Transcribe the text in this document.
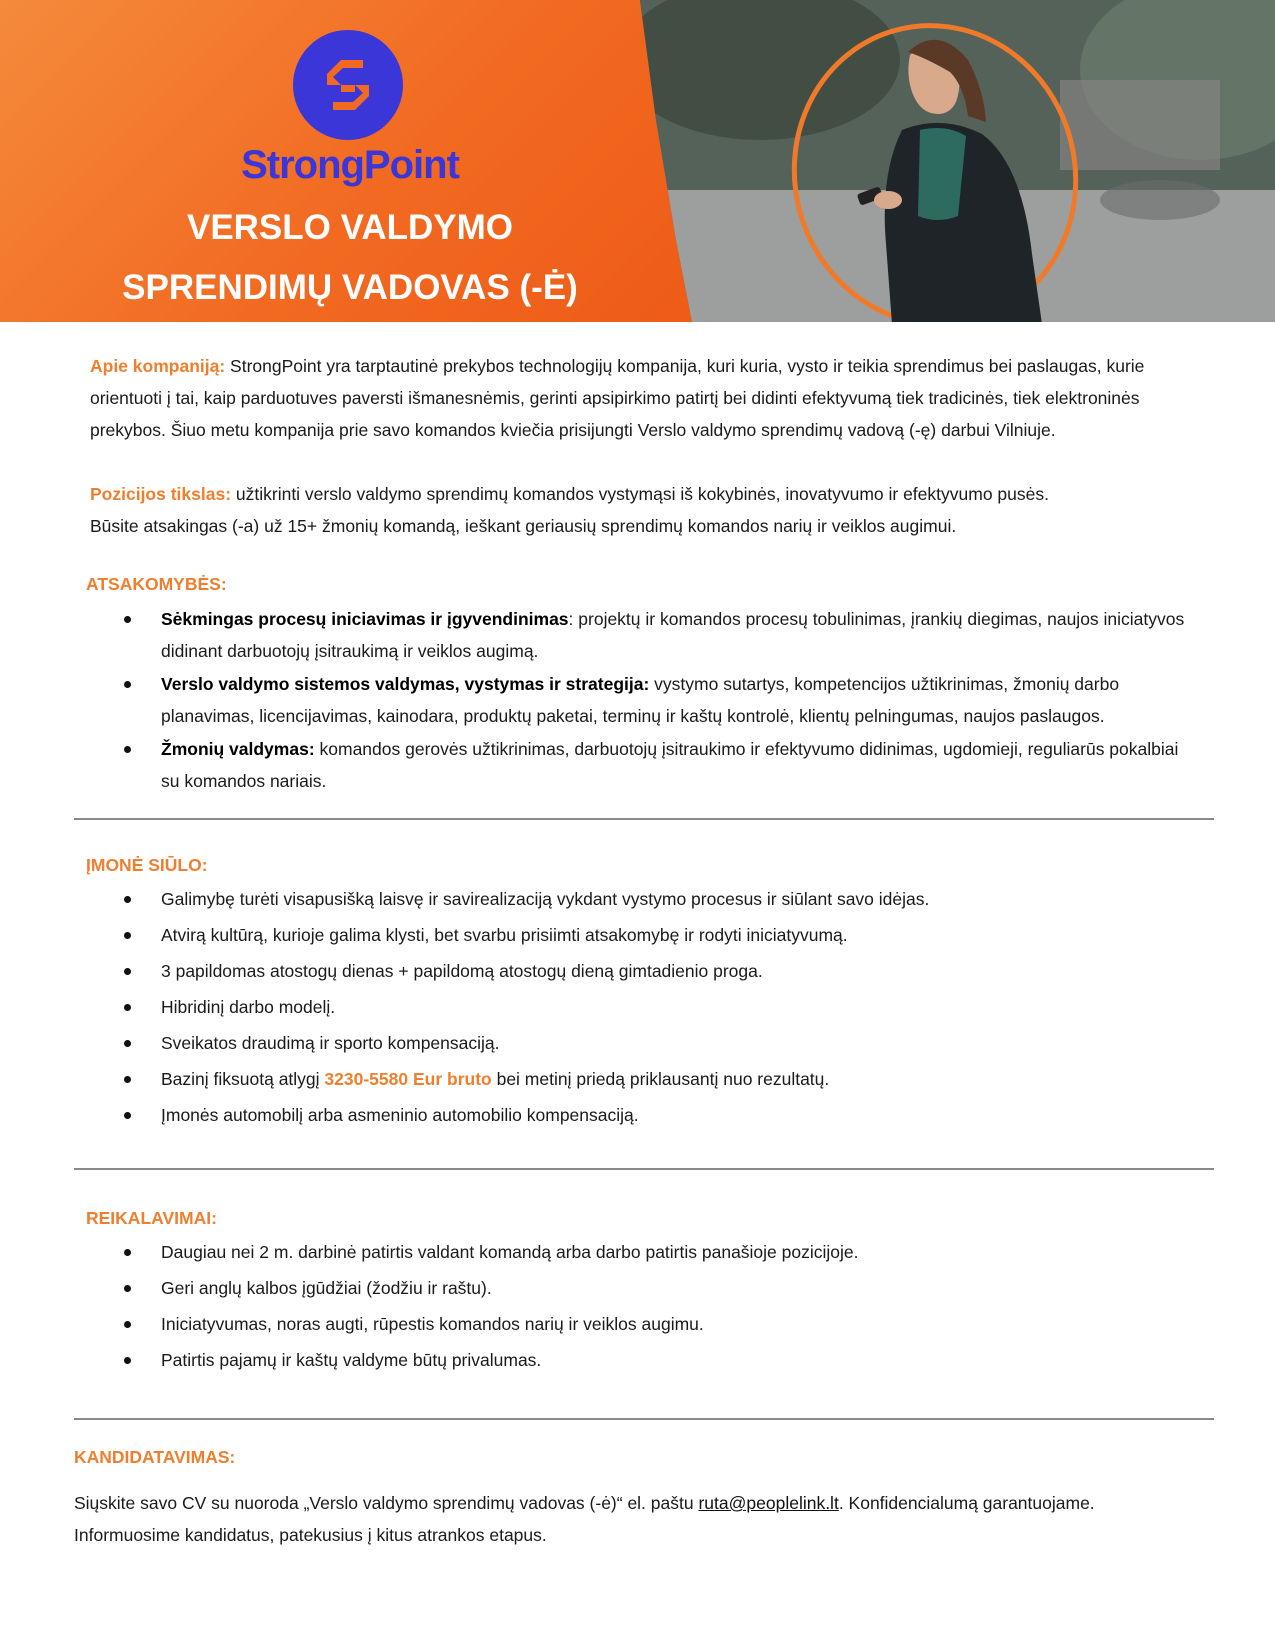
StrongPoint
VERSLO VALDYMO
SPRENDIMŲ VADOVAS (-Ė)

Apie kompaniją: StrongPoint yra tarptautinė prekybos technologijų kompanija, kuri kuria, vysto ir teikia sprendimus bei paslaugas, kurie orientuoti į tai, kaip parduotuves paversti išmanesnėmis, gerinti apsipirkimo patirtį bei didinti efektyvumą tiek tradicinės, tiek elektroninės prekybos. Šiuo metu kompanija prie savo komandos kviečia prisijungti Verslo valdymo sprendimų vadovą (-ę) darbui Vilniuje.

Pozicijos tikslas: užtikrinti verslo valdymo sprendimų komandos vystymąsi iš kokybinės, inovatyvumo ir efektyvumo pusės.

Būsite atsakingas (-a) už 15+ žmonių komandą, ieškant geriausių sprendimų komandos narių ir veiklos augimui.

ATSAKOMYBĖS:

Sėkmingas procesų iniciavimas ir įgyvendinimas: projektų ir komandos procesų tobulinimas, įrankių diegimas, naujos iniciatyvos didinant darbuotojų įsitraukimą ir veiklos augimą.
Verslo valdymo sistemos valdymas, vystymas ir strategija: vystymo sutartys, kompetencijos užtikrinimas, žmonių darbo planavimas, licencijavimas, kainodara, produktų paketai, terminų ir kaštų kontrolė, klientų pelningumas, naujos paslaugos.
Žmonių valdymas: komandos gerovės užtikrinimas, darbuotojų įsitraukimo ir efektyvumo didinimas, ugdomieji, reguliarūs pokalbiai su komandos nariais.

ĮMONĖ SIŪLO:

Galimybę turėti visapusišką laisvę ir savirealizaciją vykdant vystymo procesus ir siūlant savo idėjas.
Atvirą kultūrą, kurioje galima klysti, bet svarbu prisiimti atsakomybę ir rodyti iniciatyvumą.
3 papildomas atostogų dienas + papildomą atostogų dieną gimtadienio proga.
Hibridinį darbo modelį.
Sveikatos draudimą ir sporto kompensaciją.
Bazinį fiksuotą atlygį 3230-5580 Eur bruto bei metinį priedą priklausantį nuo rezultatų.
Įmonės automobilį arba asmeninio automobilio kompensaciją.

REIKALAVIMAI:

Daugiau nei 2 m. darbinė patirtis valdant komandą arba darbo patirtis panašioje pozicijoje.
Geri anglų kalbos įgūdžiai (žodžiu ir raštu).
Iniciatyvumas, noras augti, rūpestis komandos narių ir veiklos augimu.
Patirtis pajamų ir kaštų valdyme būtų privalumas.

KANDIDATAVIMAS:

Siųskite savo CV su nuoroda „Verslo valdymo sprendimų vadovas (-ė)“ el. paštu ruta@peoplelink.lt. Konfidencialumą garantuojame.

Informuosime kandidatus, patekusius į kitus atrankos etapus.
